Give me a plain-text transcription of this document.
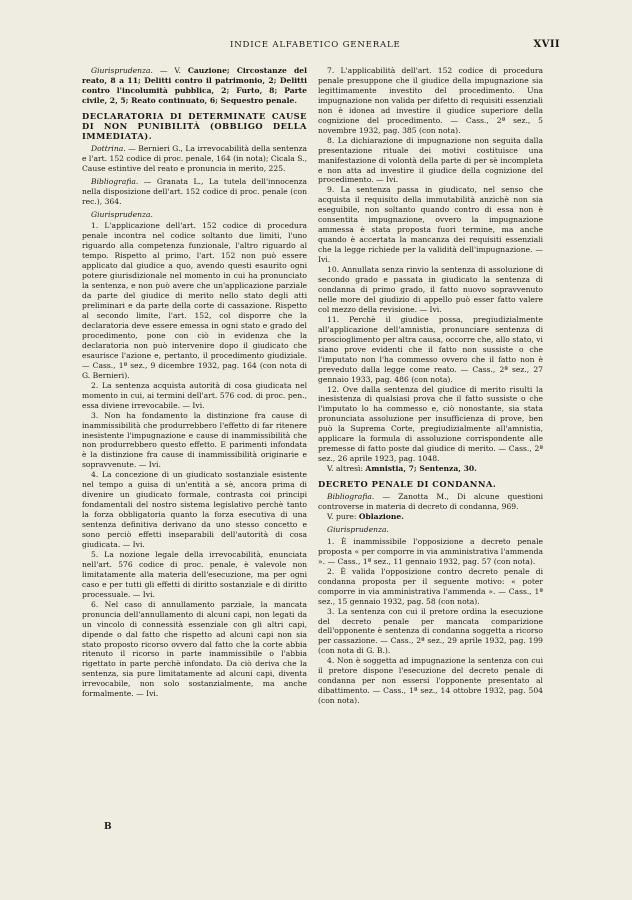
INDICE ALFABETICO GENERALE	XVII

Giurisprudenza. — V. Cauzione; Circostanze del reato, 8 a 11; Delitti contro il patrimonio, 2; Delitti contro l'incolumità pubblica, 2; Furto, 8; Parte civile, 2, 5; Reato continuato, 6; Sequestro penale.

DECLARATORIA DI DETERMINATE CAUSE DI NON PUNIBILITÀ (OBBLIGO DELLA IMMEDIATA).

Dottrina. — Bernieri G., La irrevocabilità della sentenza e l'art. 152 codice di proc. penale, 164 (in nota); Cicala S., Cause estintive del reato e pronuncia in merito, 225.

Bibliografia. — Granata L., La tutela dell'innocenza nella disposizione dell'art. 152 codice di proc. penale (con rec.), 364.

Giurisprudenza.

1. L'applicazione dell'art. 152 codice di procedura penale incontra nel codice soltanto due limiti, l'uno riguardo alla competenza funzionale, l'altro riguardo al tempo. Rispetto al primo, l'art. 152 non può essere applicato dal giudice a quo, avendo questi esaurito ogni potere giurisdizionale nel momento in cui ha pronunciato la sentenza, e non può avere che un'applicazione parziale da parte del giudice di merito nello stato degli atti preliminari e da parte della corte di cassazione. Rispetto al secondo limite, l'art. 152, col disporre che la declaratoria deve essere emessa in ogni stato e grado del procedimento, pone con ciò in evidenza che la declaratoria non può intervenire dopo il giudicato che esaurisce l'azione e, pertanto, il procedimento giudiziale. — Cass., 1ª sez., 9 dicembre 1932, pag. 164 (con nota di G. Bernieri).

2. La sentenza acquista autorità di cosa giudicata nel momento in cui, ai termini dell'art. 576 cod. di proc. pen., essa diviene irrevocabile. — Ivi.

3. Non ha fondamento la distinzione fra cause di inammissibilità che produrrebbero l'effetto di far ritenere inesistente l'impugnazione e cause di inammissibilità che non produrrebbero questo effetto. E parimenti infondata è la distinzione fra cause di inammissibilità originarie e sopravvenute. — Ivi.

4. La concezione di un giudicato sostanziale esistente nel tempo a guisa di un'entità a sè, ancora prima di divenire un giudicato formale, contrasta coi principi fondamentali del nostro sistema legislativo perchè tanto la forza obbligatoria quanto la forza esecutiva di una sentenza definitiva derivano da uno stesso concetto e sono perciò effetti inseparabili dell'autorità di cosa giudicata. — Ivi.

5. La nozione legale della irrevocabilità, enunciata nell'art. 576 codice di proc. penale, è valevole non limitatamente alla materia dell'esecuzione, ma per ogni caso e per tutti gli effetti di diritto sostanziale e di diritto processuale. — Ivi.

6. Nel caso di annullamento parziale, la mancata pronuncia dell'annullamento di alcuni capi, non legati da un vincolo di connessità essenziale con gli altri capi, dipende o dal fatto che rispetto ad alcuni capi non sia stato proposto ricorso ovvero dal fatto che la corte abbia ritenuto il ricorso in parte inammissibile o l'abbia rigettato in parte perchè infondato. Da ciò deriva che la sentenza, sia pure limitatamente ad alcuni capi, diventa irrevocabile, non solo sostanzialmente, ma anche formalmente. — Ivi.

7. L'applicabilità dell'art. 152 codice di procedura penale presuppone che il giudice della impugnazione sia legittimamente investito del procedimento. Una impugnazione non valida per difetto di requisiti essenziali non è idonea ad investire il giudice superiore della cognizione del procedimento. — Cass., 2ª sez., 5 novembre 1932, pag. 385 (con nota).

8. La dichiarazione di impugnazione non seguita dalla presentazione rituale dei motivi costituisce una manifestazione di volontà della parte di per sè incompleta e non atta ad investire il giudice della cognizione del procedimento. — Ivi.

9. La sentenza passa in giudicato, nel senso che acquista il requisito della immutabilità anzichè non sia eseguibile, non soltanto quando contro di essa non è consentita impugnazione, ovvero la impugnazione ammessa è stata proposta fuori termine, ma anche quando è accertata la mancanza dei requisiti essenziali che la legge richiede per la validità dell'impugnazione. — Ivi.

10. Annullata senza rinvio la sentenza di assoluzione di secondo grado e passata in giudicato la sentenza di condanna di primo grado, il fatto nuovo sopravvenuto nelle more del giudizio di appello può esser fatto valere col mezzo della revisione. — Ivi.

11. Perchè il giudice possa, pregiudizialmente all'applicazione dell'amnistia, pronunciare sentenza di proscioglimento per altra causa, occorre che, allo stato, vi siano prove evidenti che il fatto non sussiste o che l'imputato non l'ha commesso ovvero che il fatto non è preveduto dalla legge come reato. — Cass., 2ª sez., 27 gennaio 1933, pag. 486 (con nota).

12. Ove dalla sentenza del giudice di merito risulti la inesistenza di qualsiasi prova che il fatto sussiste o che l'imputato lo ha commesso e, ciò nonostante, sia stata pronunciata assoluzione per insufficienza di prove, ben può la Suprema Corte, pregiudizialmente all'amnistia, applicare la formula di assoluzione corrispondente alle premesse di fatto poste dal giudice di merito. — Cass., 2ª sez., 26 aprile 1923, pag. 1048.

V. altresì: Amnistia, 7; Sentenza, 30.

DECRETO PENALE DI CONDANNA.

Bibliografia. — Zanotta M., Di alcune questioni controverse in materia di decreto di condanna, 969.

V. pure: Oblazione.

Giurisprudenza.

1. È inammissibile l'opposizione a decreto penale proposta « per comporre in via amministrativa l'ammenda ». — Cass., 1ª sez., 11 gennaio 1932, pag. 57 (con nota).

2. È valida l'opposizione contro decreto penale di condanna proposta per il seguente motivo: « poter comporre in via amministrativa l'ammenda ». — Cass., 1ª sez., 15 gennaio 1932, pag. 58 (con nota).

3. La sentenza con cui il pretore ordina la esecuzione del decreto penale per mancata comparizione dell'opponente è sentenza di condanna soggetta a ricorso per cassazione. — Cass., 2ª sez., 29 aprile 1932, pag. 199 (con nota di G. B.).

4. Non è soggetta ad impugnazione la sentenza con cui il pretore dispone l'esecuzione del decreto penale di condanna per non essersi l'opponente presentato al dibattimento. — Cass., 1ª sez., 14 ottobre 1932, pag. 504 (con nota).

B
